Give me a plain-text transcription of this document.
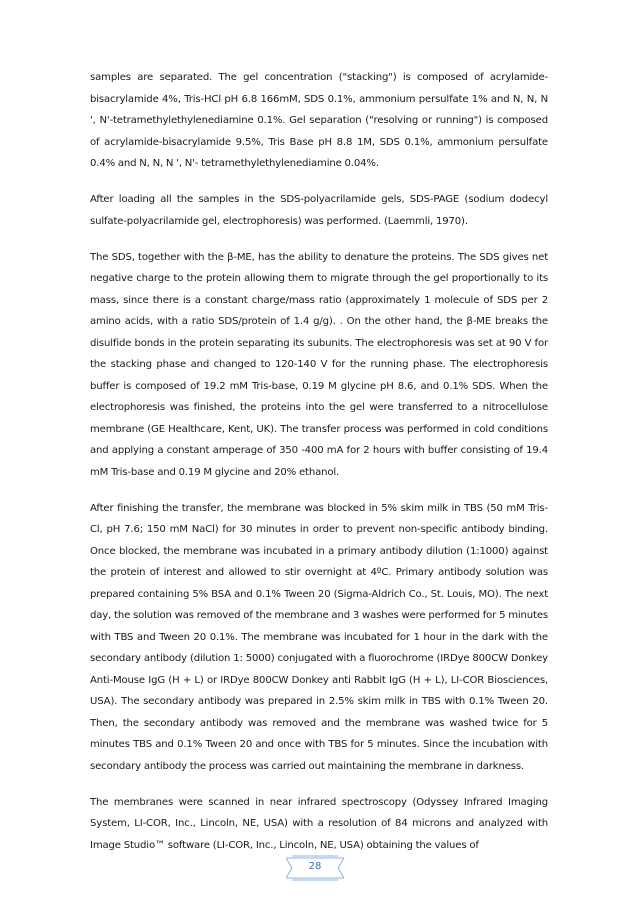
samples are separated. The gel concentration ("stacking") is composed of acrylamide-bisacrylamide 4%, Tris-HCl pH 6.8 166mM, SDS 0.1%, ammonium persulfate 1% and N, N, N ', N'-tetramethylethylenediamine 0.1%. Gel separation ("resolving or running") is composed of acrylamide-bisacrylamide 9.5%, Tris Base pH 8.8 1M, SDS 0.1%, ammonium persulfate 0.4% and N, N, N ', N'- tetramethylethylenediamine 0.04%.

After loading all the samples in the SDS-polyacrilamide gels, SDS-PAGE (sodium dodecyl sulfate-polyacrilamide gel, electrophoresis) was performed. (Laemmli, 1970).

The SDS, together with the β-ME, has the ability to denature the proteins. The SDS gives net negative charge to the protein allowing them to migrate through the gel proportionally to its mass, since there is a constant charge/mass ratio (approximately 1 molecule of SDS per 2 amino acids, with a ratio SDS/protein of 1.4 g/g). . On the other hand, the β-ME breaks the disulfide bonds in the protein separating its subunits. The electrophoresis was set at 90 V for the stacking phase and changed to 120-140 V for the running phase. The electrophoresis buffer is composed of 19.2 mM Tris-base, 0.19 M glycine pH 8.6, and 0.1% SDS. When the electrophoresis was finished, the proteins into the gel were transferred to a nitrocellulose membrane (GE Healthcare, Kent, UK). The transfer process was performed in cold conditions and applying a constant amperage of 350 -400 mA for 2 hours with buffer consisting of 19.4 mM Tris-base and 0.19 M glycine and 20% ethanol.

After finishing the transfer, the membrane was blocked in 5% skim milk in TBS (50 mM Tris-Cl, pH 7.6; 150 mM NaCl) for 30 minutes in order to prevent non-specific antibody binding. Once blocked, the membrane was incubated in a primary antibody dilution (1:1000) against the protein of interest and allowed to stir overnight at 4ºC. Primary antibody solution was prepared containing 5% BSA and 0.1% Tween 20 (Sigma-Aldrich Co., St. Louis, MO). The next day, the solution was removed of the membrane and 3 washes were performed for 5 minutes with TBS and Tween 20 0.1%. The membrane was incubated for 1 hour in the dark with the secondary antibody (dilution 1: 5000) conjugated with a fluorochrome (IRDye 800CW Donkey Anti-Mouse IgG (H + L) or IRDye 800CW Donkey anti Rabbit IgG (H + L), LI-COR Biosciences, USA). The secondary antibody was prepared in 2.5% skim milk in TBS with 0.1% Tween 20. Then, the secondary antibody was removed and the membrane was washed twice for 5 minutes TBS and 0.1% Tween 20 and once with TBS for 5 minutes. Since the incubation with secondary antibody the process was carried out maintaining the membrane in darkness.

The membranes were scanned in near infrared spectroscopy (Odyssey Infrared Imaging System, LI-COR, Inc., Lincoln, NE, USA) with a resolution of 84 microns and analyzed with Image Studio™ software (LI-COR, Inc., Lincoln, NE, USA) obtaining the values of

28
